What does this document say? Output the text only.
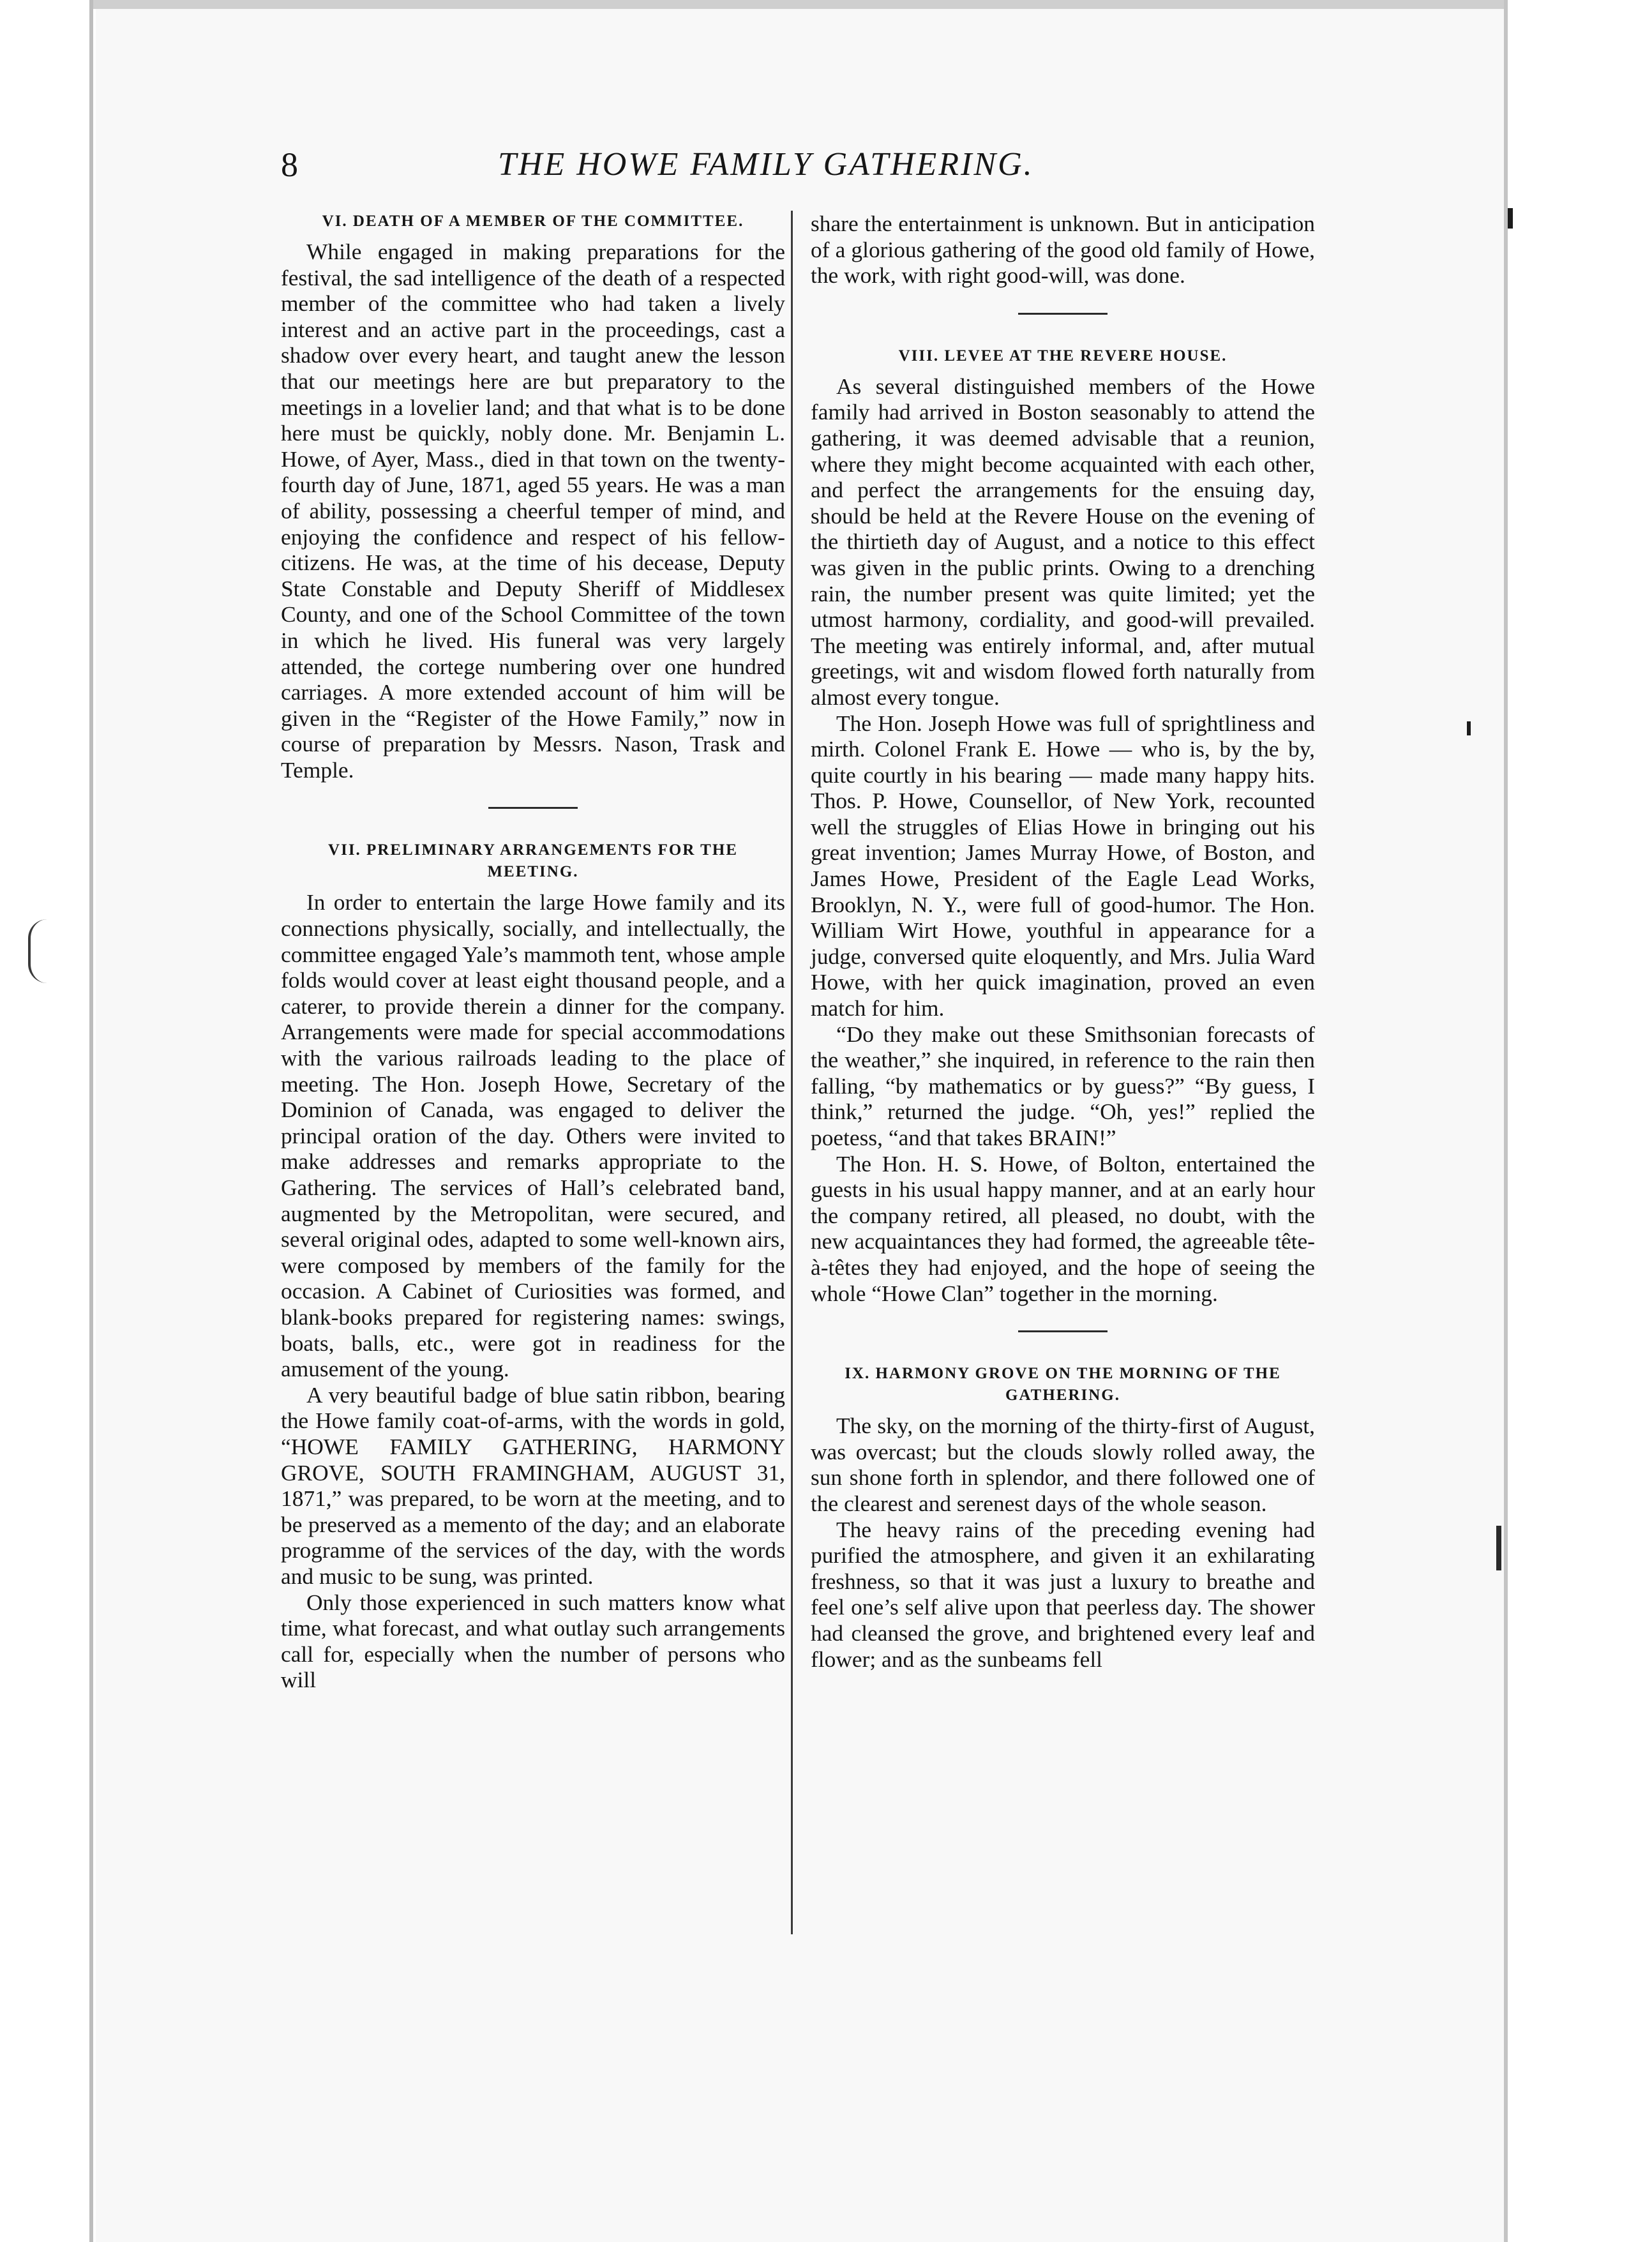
8	THE HOWE FAMILY GATHERING.
VI. DEATH OF A MEMBER OF THE COMMITTEE.

While engaged in making preparations for the festival, the sad intelligence of the death of a respected member of the committee who had taken a lively interest and an active part in the proceedings, cast a shadow over every heart, and taught anew the lesson that our meetings here are but preparatory to the meetings in a lovelier land; and that what is to be done here must be quickly, nobly done. Mr. Benjamin L. Howe, of Ayer, Mass., died in that town on the twenty-fourth day of June, 1871, aged 55 years. He was a man of ability, possessing a cheerful temper of mind, and enjoying the confidence and respect of his fellow-citizens. He was, at the time of his decease, Deputy State Constable and Deputy Sheriff of Middlesex County, and one of the School Committee of the town in which he lived. His funeral was very largely attended, the cortege numbering over one hundred carriages. A more extended account of him will be given in the “Register of the Howe Family,” now in course of preparation by Messrs. Nason, Trask and Temple.

VII. PRELIMINARY ARRANGEMENTS FOR THE MEETING.

In order to entertain the large Howe family and its connections physically, socially, and intellectually, the committee engaged Yale’s mammoth tent, whose ample folds would cover at least eight thousand people, and a caterer, to provide therein a dinner for the company. Arrangements were made for special accommodations with the various railroads leading to the place of meeting. The Hon. Joseph Howe, Secretary of the Dominion of Canada, was engaged to deliver the principal oration of the day. Others were invited to make addresses and remarks appropriate to the Gathering. The services of Hall’s celebrated band, augmented by the Metropolitan, were secured, and several original odes, adapted to some well-known airs, were composed by members of the family for the occasion. A Cabinet of Curiosities was formed, and blank-books prepared for registering names: swings, boats, balls, etc., were got in readiness for the amusement of the young.

A very beautiful badge of blue satin ribbon, bearing the Howe family coat-of-arms, with the words in gold, “HOWE FAMILY GATHERING, HARMONY GROVE, SOUTH FRAMINGHAM, AUGUST 31, 1871,” was prepared, to be worn at the meeting, and to be preserved as a memento of the day; and an elaborate programme of the services of the day, with the words and music to be sung, was printed.

Only those experienced in such matters know what time, what forecast, and what outlay such arrangements call for, especially when the number of persons who will

share the entertainment is unknown. But in anticipation of a glorious gathering of the good old family of Howe, the work, with right good-will, was done.

VIII. LEVEE AT THE REVERE HOUSE.

As several distinguished members of the Howe family had arrived in Boston seasonably to attend the gathering, it was deemed advisable that a reunion, where they might become acquainted with each other, and perfect the arrangements for the ensuing day, should be held at the Revere House on the evening of the thirtieth day of August, and a notice to this effect was given in the public prints. Owing to a drenching rain, the number present was quite limited; yet the utmost harmony, cordiality, and good-will prevailed. The meeting was entirely informal, and, after mutual greetings, wit and wisdom flowed forth naturally from almost every tongue.

The Hon. Joseph Howe was full of sprightliness and mirth. Colonel Frank E. Howe — who is, by the by, quite courtly in his bearing — made many happy hits. Thos. P. Howe, Counsellor, of New York, recounted well the struggles of Elias Howe in bringing out his great invention; James Murray Howe, of Boston, and James Howe, President of the Eagle Lead Works, Brooklyn, N. Y., were full of good-humor. The Hon. William Wirt Howe, youthful in appearance for a judge, conversed quite eloquently, and Mrs. Julia Ward Howe, with her quick imagination, proved an even match for him.

“Do they make out these Smithsonian forecasts of the weather,” she inquired, in reference to the rain then falling, “by mathematics or by guess?” “By guess, I think,” returned the judge. “Oh, yes!” replied the poetess, “and that takes BRAIN!”

The Hon. H. S. Howe, of Bolton, entertained the guests in his usual happy manner, and at an early hour the company retired, all pleased, no doubt, with the new acquaintances they had formed, the agreeable tête-à-têtes they had enjoyed, and the hope of seeing the whole “Howe Clan” together in the morning.

IX. HARMONY GROVE ON THE MORNING OF THE GATHERING.

The sky, on the morning of the thirty-first of August, was overcast; but the clouds slowly rolled away, the sun shone forth in splendor, and there followed one of the clearest and serenest days of the whole season.

The heavy rains of the preceding evening had purified the atmosphere, and given it an exhilarating freshness, so that it was just a luxury to breathe and feel one’s self alive upon that peerless day. The shower had cleansed the grove, and brightened every leaf and flower; and as the sunbeams fell
